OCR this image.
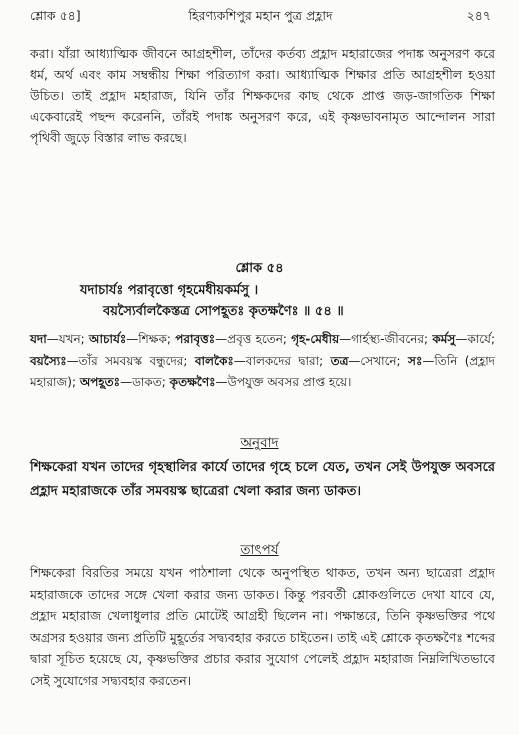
শ্লোক ৫৪]	হিরণ্যকশিপুর মহান পুত্র প্রহ্লাদ	২৪৭

করা। যাঁরা আধ্যাত্মিক জীবনে আগ্রহশীল, তাঁদের কর্তব্য প্রহ্লাদ মহারাজের পদাঙ্ক অনুসরণ করে ধর্ম, অর্থ এবং কাম সম্বন্ধীয় শিক্ষা পরিত্যাগ করা। আধ্যাত্মিক শিক্ষার প্রতি আগ্রহশীল হওয়া উচিত। তাই প্রহ্লাদ মহারাজ, যিনি তাঁর শিক্ষকদের কাছ থেকে প্রাপ্ত জড়-জাগতিক শিক্ষা একেবারেই পছন্দ করেননি, তাঁরই পদাঙ্ক অনুসরণ করে, এই কৃষ্ণভাবনামৃত আন্দোলন সারা পৃথিবী জুড়ে বিস্তার লাভ করছে।

শ্লোক ৫৪
যদাচার্যঃ পরাবৃত্তো গৃহমেধীয়কর্মসু ।
বয়স্যৈর্বালকৈস্তত্র সোপহূতঃ কৃতক্ষণৈঃ ॥ ৫৪ ॥
যদা—যখন; আচার্যঃ—শিক্ষক; পরাবৃত্তঃ—প্রবৃত্ত হতেন; গৃহ-মেধীয়—গার্হস্থ্য-জীবনের; কর্মসু—কার্যে; বয়স্যৈঃ—তাঁর সমবয়স্ক বন্ধুদের; বালকৈঃ—বালকদের দ্বারা; তত্র—সেখানে; সঃ—তিনি (প্রহ্লাদ মহারাজ); অপহূতঃ—ডাকত; কৃতক্ষণৈঃ—উপযুক্ত অবসর প্রাপ্ত হয়ে।
অনুবাদ
শিক্ষকেরা যখন তাদের গৃহস্থালির কার্যে তাদের গৃহে চলে যেত, তখন সেই উপযুক্ত অবসরে প্রহ্লাদ মহারাজকে তাঁর সমবয়স্ক ছাত্রেরা খেলা করার জন্য ডাকত।
তাৎপর্য
শিক্ষকেরা বিরতির সময়ে যখন পাঠশালা থেকে অনুপস্থিত থাকত, তখন অন্য ছাত্রেরা প্রহ্লাদ মহারাজকে তাদের সঙ্গে খেলা করার জন্য ডাকত। কিন্তু পরবর্তী শ্লোকগুলিতে দেখা যাবে যে, প্রহ্লাদ মহারাজ খেলাধুলার প্রতি মোটেই আগ্রহী ছিলেন না। পক্ষান্তরে, তিনি কৃষ্ণভক্তির পথে অগ্রসর হওয়ার জন্য প্রতিটি মুহূর্তের সদ্ব্যবহার করতে চাইতেন। তাই এই শ্লোকে কৃতক্ষণৈঃ শব্দের দ্বারা সূচিত হয়েছে যে, কৃষ্ণভক্তির প্রচার করার সুযোগ পেলেই প্রহ্লাদ মহারাজ নিম্নলিখিতভাবে সেই সুযোগের সদ্ব্যবহার করতেন।
